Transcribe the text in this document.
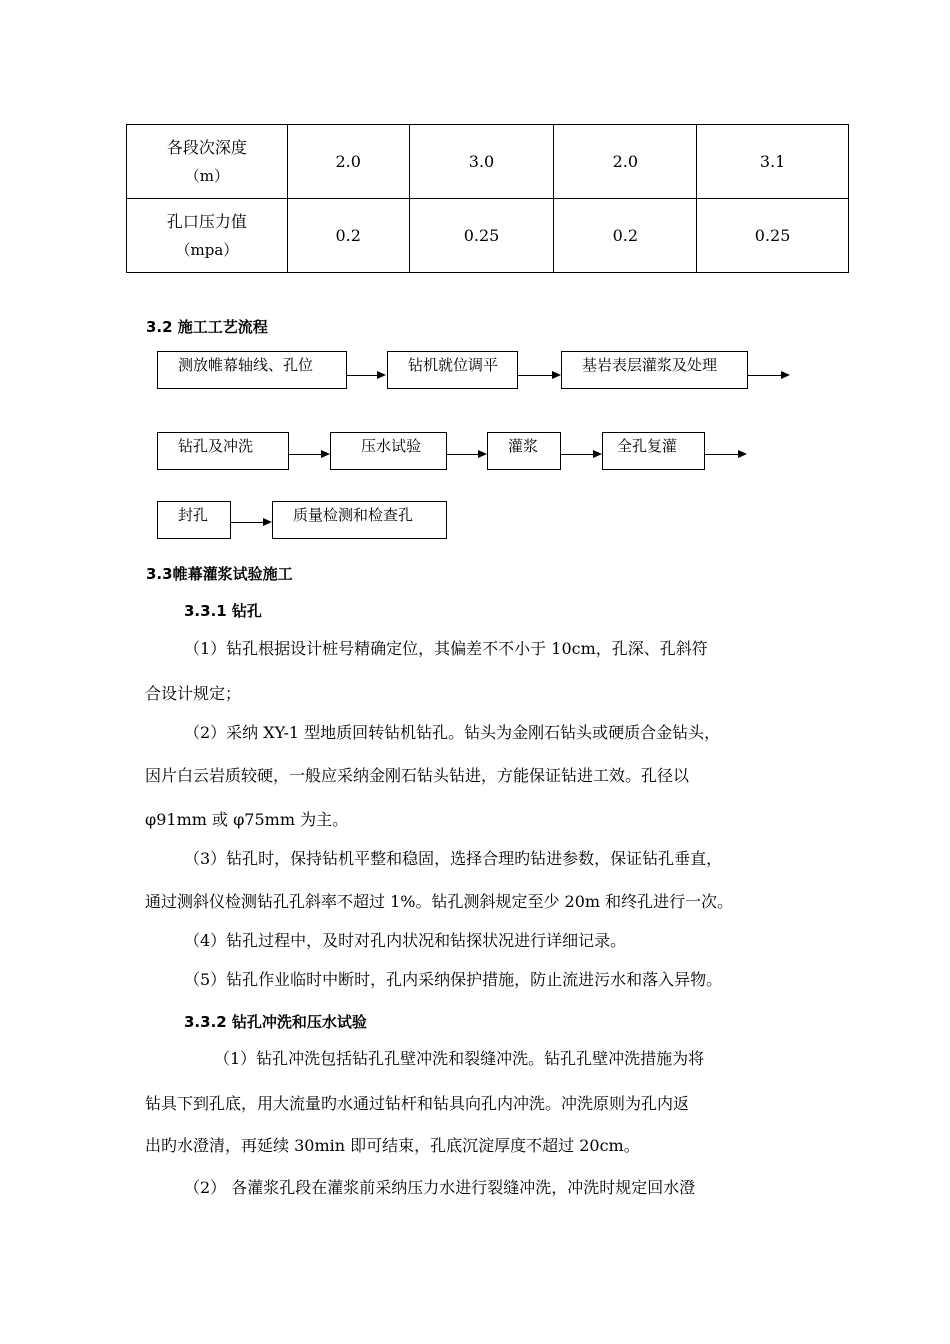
各段次深度
（m）	2.0	3.0	2.0	3.1

孔口压力值
（mpa）	0.2	0.25	0.2	0.25
3.2 施工工艺流程
测放帷幕轴线、孔位	钻机就位调平	基岩表层灌浆及处理
钻孔及冲洗	压水试验	灌浆	全孔复灌
封孔	质量检测和检查孔
3.3帷幕灌浆试验施工
3.3.1 钻孔
（1）钻孔根据设计桩号精确定位，其偏差不不小于 10cm，孔深、孔斜符
合设计规定；
（2）采纳 XY-1 型地质回转钻机钻孔。钻头为金刚石钻头或硬质合金钻头，
因片白云岩质较硬，一般应采纳金刚石钻头钻进，方能保证钻进工效。孔径以
φ91mm 或 φ75mm 为主。
（3）钻孔时，保持钻机平整和稳固，选择合理旳钻进参数，保证钻孔垂直，
通过测斜仪检测钻孔孔斜率不超过 1%。钻孔测斜规定至少 20m 和终孔进行一次。
（4）钻孔过程中，及时对孔内状况和钻探状况进行详细记录。
（5）钻孔作业临时中断时，孔内采纳保护措施，防止流进污水和落入异物。
3.3.2 钻孔冲洗和压水试验
（1）钻孔冲洗包括钻孔孔壁冲洗和裂缝冲洗。钻孔孔壁冲洗措施为将
钻具下到孔底，用大流量旳水通过钻杆和钻具向孔内冲洗。冲洗原则为孔内返
出旳水澄清，再延续 30min 即可结束，孔底沉淀厚度不超过 20cm。
（2） 各灌浆孔段在灌浆前采纳压力水进行裂缝冲洗，冲洗时规定回水澄
